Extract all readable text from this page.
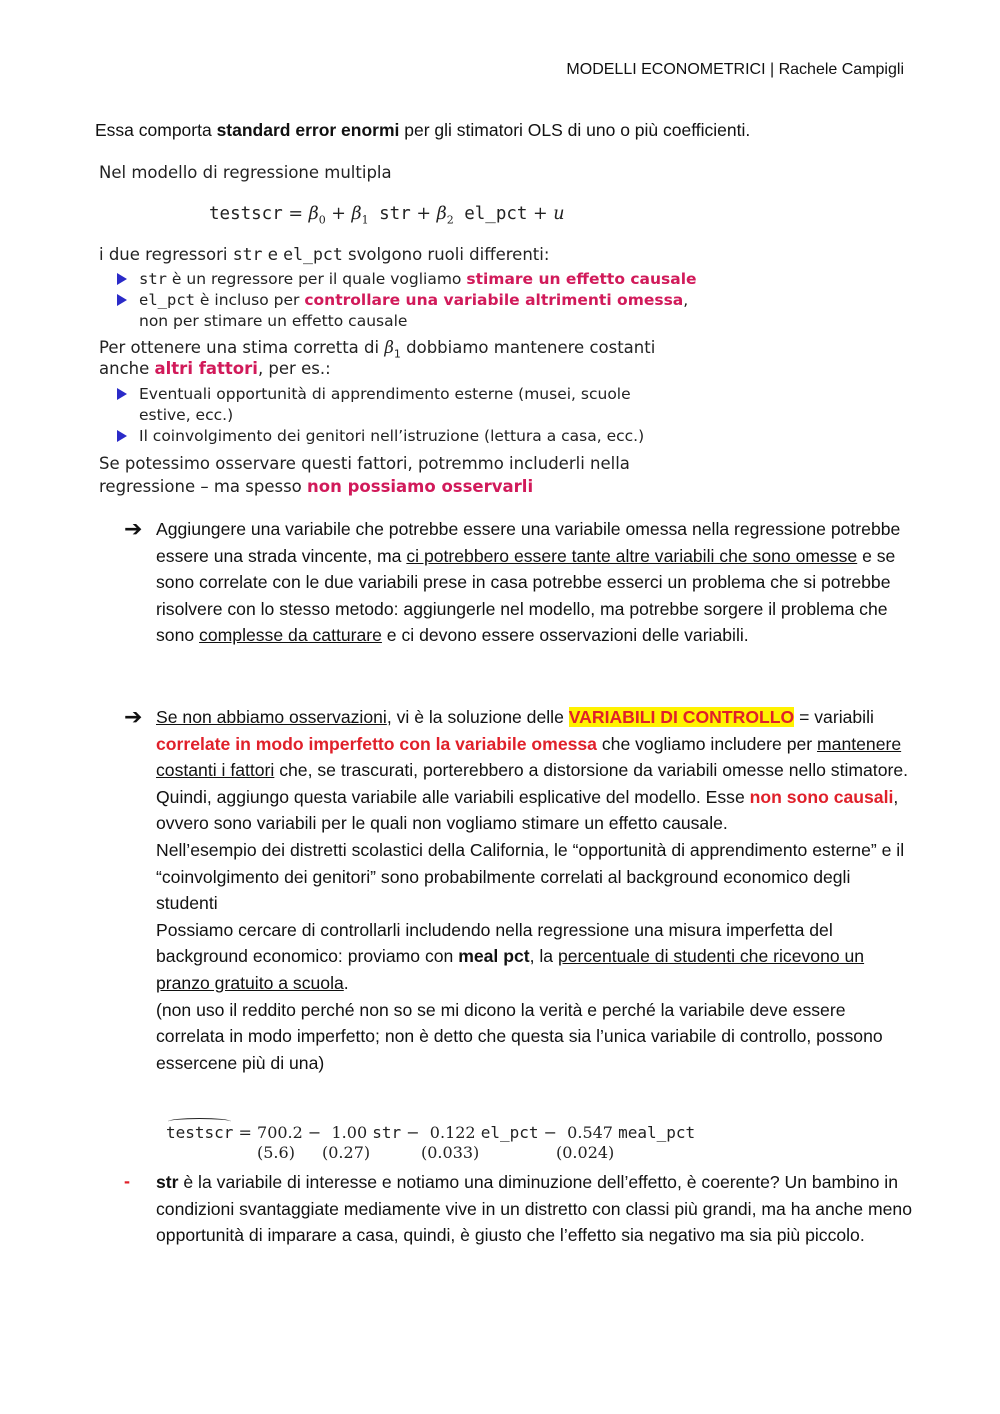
MODELLI ECONOMETRICI | Rachele Campigli
Essa comporta standard error enormi per gli stimatori OLS di uno o più coefficienti.
Nel modello di regressione multipla
testscr = $\beta_0 + \beta_1$ str + $\beta_2$ el_pct + u
i due regressori str e el_pct svolgono ruoli differenti:
str è un regressore per il quale vogliamo stimare un effetto causale
el_pct è incluso per controllare una variabile altrimenti omessa,
non per stimare un effetto causale
Per ottenere una stima corretta di $\beta_1$ dobbiamo mantenere costanti
anche altri fattori, per es.:
Eventuali opportunità di apprendimento esterne (musei, scuole
estive, ecc.)
Il coinvolgimento dei genitori nell’istruzione (lettura a casa, ecc.)
Se potessimo osservare questi fattori, potremmo includerli nella
regressione – ma spesso non possiamo osservarli
➔ Aggiungere una variabile che potrebbe essere una variabile omessa nella regressione potrebbe essere una strada vincente, ma ci potrebbero essere tante altre variabili che sono omesse e se sono correlate con le due variabili prese in casa potrebbe esserci un problema che si potrebbe risolvere con lo stesso metodo: aggiungerle nel modello, ma potrebbe sorgere il problema che sono complesse da catturare e ci devono essere osservazioni delle variabili.
➔ Se non abbiamo osservazioni, vi è la soluzione delle VARIABILI DI CONTROLLO = variabili correlate in modo imperfetto con la variabile omessa che vogliamo includere per mantenere costanti i fattori che, se trascurati, porterebbero a distorsione da variabili omesse nello stimatore. Quindi, aggiungo questa variabile alle variabili esplicative del modello. Esse non sono causali, ovvero sono variabili per le quali non vogliamo stimare un effetto causale.
Nell’esempio dei distretti scolastici della California, le “opportunità di apprendimento esterne” e il “coinvolgimento dei genitori” sono probabilmente correlati al background economico degli studenti
Possiamo cercare di controllarli includendo nella regressione una misura imperfetta del background economico: proviamo con meal pct, la percentuale di studenti che ricevono un pranzo gratuito a scuola.
(non uso il reddito perché non so se mi dicono la verità e perché la variabile deve essere correlata in modo imperfetto; non è detto che questa sia l’unica variabile di controllo, possono essercene più di una)
testscr = 700.2 −  1.00 str −  0.122 el_pct −  0.547 meal_pct
(5.6) (0.27)	(0.033)	(0.024)
- str è la variabile di interesse e notiamo una diminuzione dell’effetto, è coerente? Un bambino in condizioni svantaggiate mediamente vive in un distretto con classi più grandi, ma ha anche meno opportunità di imparare a casa, quindi, è giusto che l’effetto sia negativo ma sia più piccolo.
